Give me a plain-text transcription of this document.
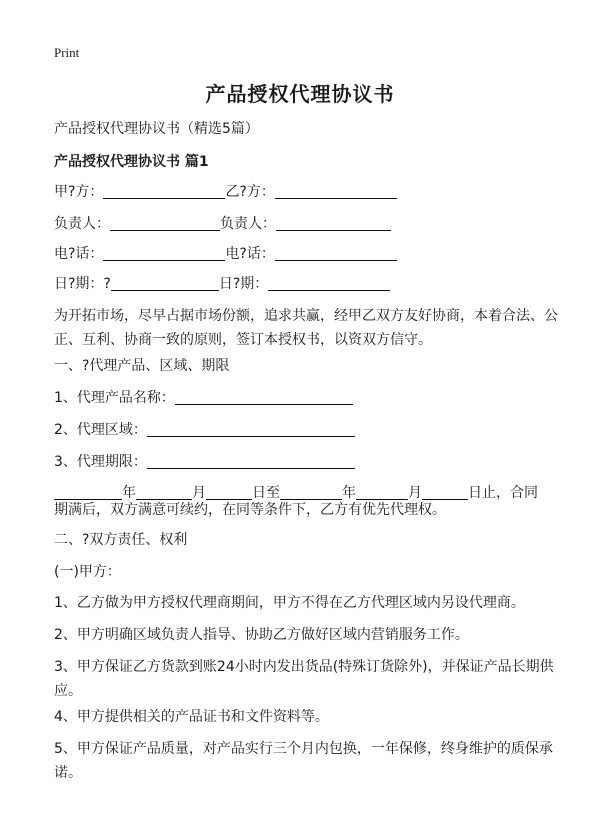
Print
产品授权代理协议书
产品授权代理协议书（精选5篇）
产品授权代理协议书 篇1
甲?方：	乙?方：
负责人：	负责人：
电?话：	电?话：
日?期：?	日?期：
为开拓市场，尽早占据市场份额，追求共赢，经甲乙双方友好协商，本着合法、公正、互利、协商一致的原则，签订本授权书，以资双方信守。
一、?代理产品、区域、期限
1、代理产品名称：
2、代理区域：
3、代理期限：
年	月	日至	年	月	日止，合同
期满后，双方满意可续约，在同等条件下，乙方有优先代理权。
二、?双方责任、权利
(一)甲方：
1、乙方做为甲方授权代理商期间，甲方不得在乙方代理区域内另设代理商。
2、甲方明确区域负责人指导、协助乙方做好区域内营销服务工作。
3、甲方保证乙方货款到账24小时内发出货品(特殊订货除外)，并保证产品长期供应。
4、甲方提供相关的产品证书和文件资料等。
5、甲方保证产品质量，对产品实行三个月内包换，一年保修，终身维护的质保承诺。
